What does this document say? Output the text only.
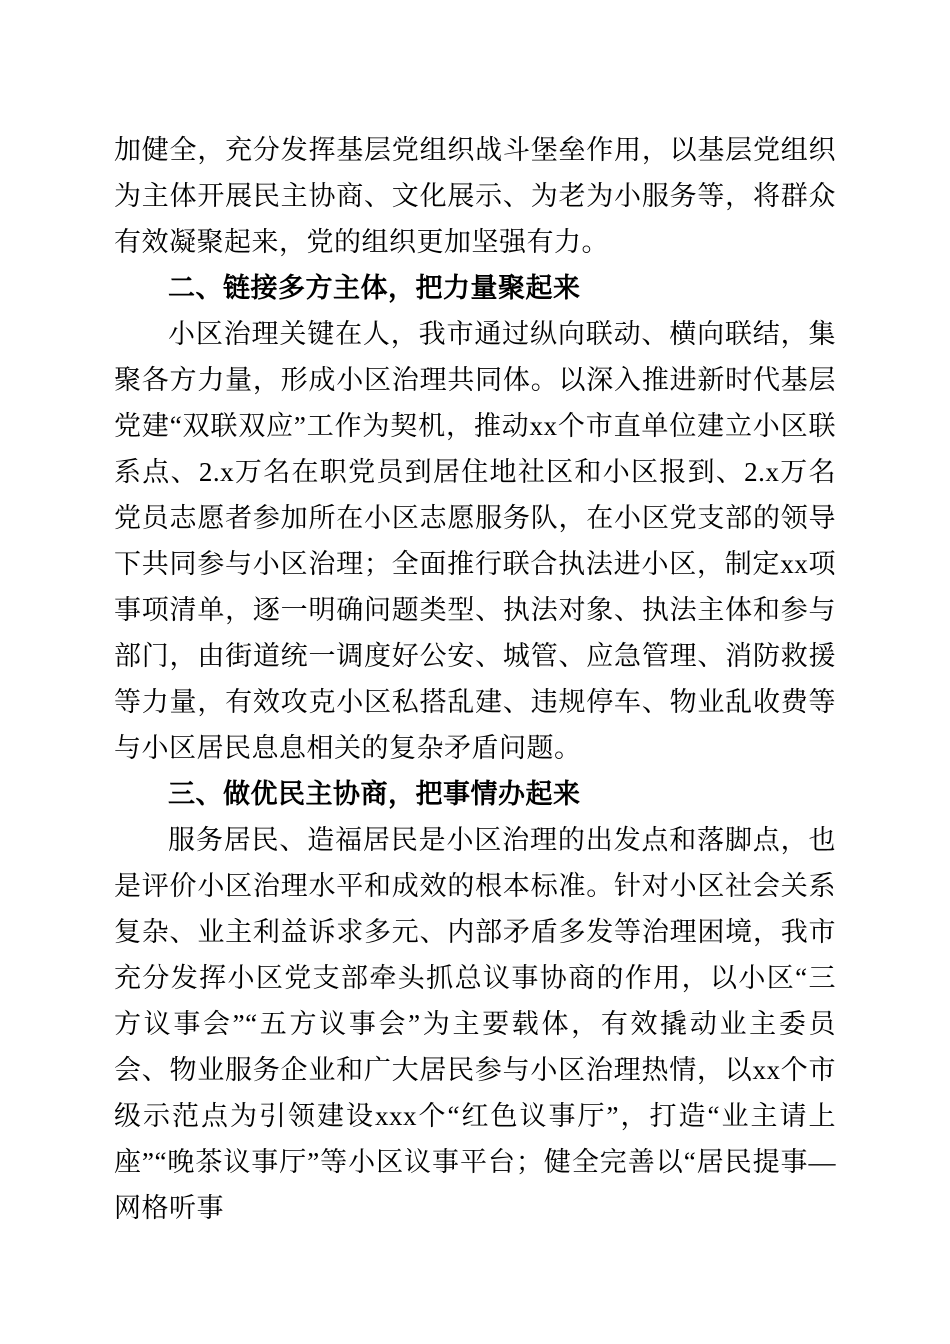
加健全，充分发挥基层党组织战斗堡垒作用，以基层党组织为主体开展民主协商、文化展示、为老为小服务等，将群众有效凝聚起来，党的组织更加坚强有力。

二、链接多方主体，把力量聚起来

小区治理关键在人，我市通过纵向联动、横向联结，集聚各方力量，形成小区治理共同体。以深入推进新时代基层党建“双联双应”工作为契机，推动xx个市直单位建立小区联系点、2.x万名在职党员到居住地社区和小区报到、2.x万名党员志愿者参加所在小区志愿服务队，在小区党支部的领导下共同参与小区治理；全面推行联合执法进小区，制定xx项事项清单，逐一明确问题类型、执法对象、执法主体和参与部门，由街道统一调度好公安、城管、应急管理、消防救援等力量，有效攻克小区私搭乱建、违规停车、物业乱收费等与小区居民息息相关的复杂矛盾问题。

三、做优民主协商，把事情办起来

服务居民、造福居民是小区治理的出发点和落脚点，也是评价小区治理水平和成效的根本标准。针对小区社会关系复杂、业主利益诉求多元、内部矛盾多发等治理困境，我市充分发挥小区党支部牵头抓总议事协商的作用，以小区“三方议事会”“五方议事会”为主要载体，有效撬动业主委员会、物业服务企业和广大居民参与小区治理热情，以xx个市级示范点为引领建设xxx个“红色议事厅”，打造“业主请上座”“晚茶议事厅”等小区议事平台；健全完善以“居民提事—网格听事
